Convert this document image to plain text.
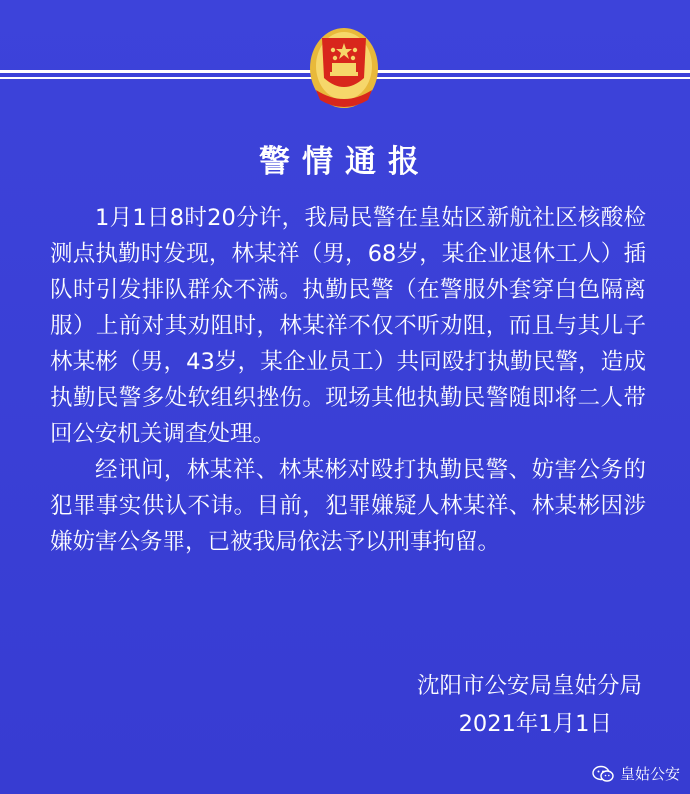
警情通报

1月1日8时20分许，我局民警在皇姑区新航社区核酸检测点执勤时发现，林某祥（男，68岁，某企业退休工人）插队时引发排队群众不满。执勤民警（在警服外套穿白色隔离服）上前对其劝阻时，林某祥不仅不听劝阻，而且与其儿子林某彬（男，43岁，某企业员工）共同殴打执勤民警，造成执勤民警多处软组织挫伤。现场其他执勤民警随即将二人带回公安机关调查处理。

经讯问，林某祥、林某彬对殴打执勤民警、妨害公务的犯罪事实供认不讳。目前，犯罪嫌疑人林某祥、林某彬因涉嫌妨害公务罪，已被我局依法予以刑事拘留。

沈阳市公安局皇姑分局
2021年1月1日
皇姑公安
